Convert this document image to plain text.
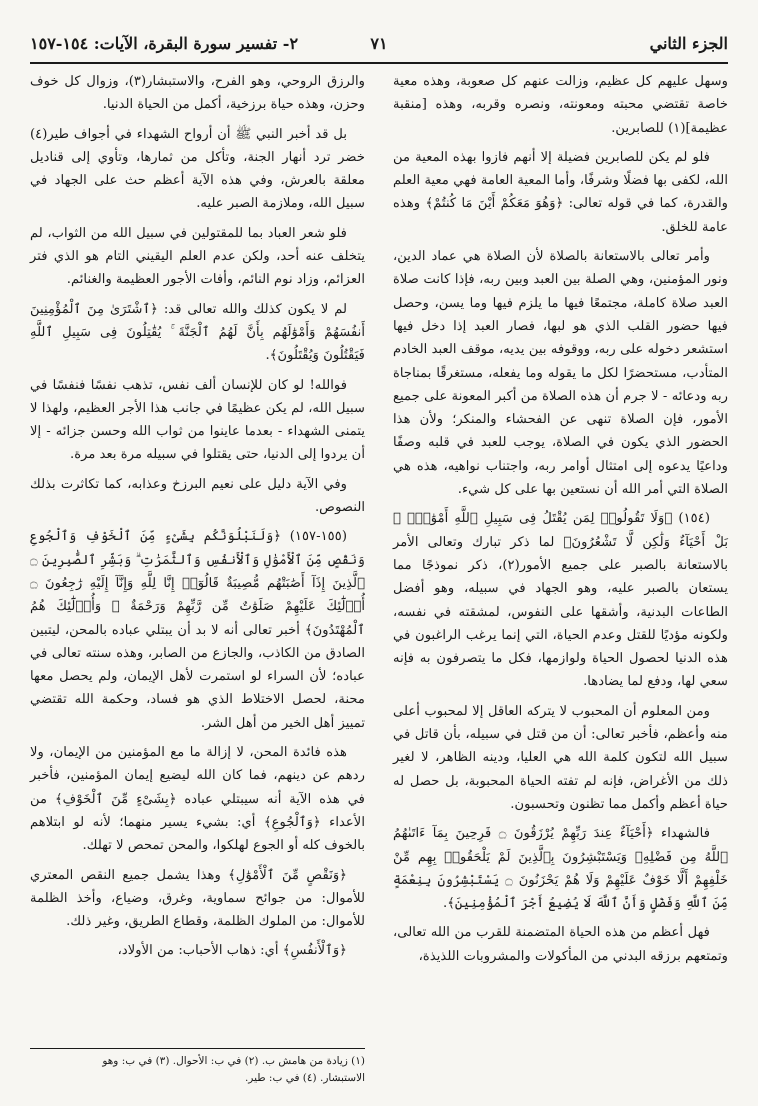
الجزء الثاني
٧١
٢- تفسير سورة البقرة، الآيات: ١٥٤-١٥٧

وسهل عليهم كل عظيم، وزالت عنهم كل صعوبة، وهذه معية خاصة تقتضي محبته ومعونته، ونصره وقربه، وهذه [منقبة عظيمة](١) للصابرين.

فلو لم يكن للصابرين فضيلة إلا أنهم فازوا بهذه المعية من الله، لكفى بها فضلًا وشرفًا، وأما المعية العامة فهي معية العلم والقدرة، كما في قوله تعالى: ﴿وَهُوَ مَعَكُمْ أَيْنَ مَا كُنتُمْ﴾ وهذه عامة للخلق.

وأمر تعالى بالاستعانة بالصلاة لأن الصلاة هي عماد الدين، ونور المؤمنين، وهي الصلة بين العبد وبين ربه، فإذا كانت صلاة العبد صلاة كاملة، مجتمعًا فيها ما يلزم فيها وما يسن، وحصل فيها حضور القلب الذي هو لبها، فصار العبد إذا دخل فيها استشعر دخوله على ربه، ووقوفه بين يديه، موقف العبد الخادم المتأدب، مستحضرًا لكل ما يقوله وما يفعله، مستغرقًا بمناجاة ربه ودعائه - لا جرم أن هذه الصلاة من أكبر المعونة على جميع الأمور، فإن الصلاة تنهى عن الفحشاء والمنكر؛ ولأن هذا الحضور الذي يكون في الصلاة، يوجب للعبد في قلبه وصفًا وداعيًا يدعوه إلى امتثال أوامر ربه، واجتناب نواهيه، هذه هي الصلاة التي أمر الله أن نستعين بها على كل شيء.

(١٥٤) ﴿وَلَا تَقُولُوا۟ لِمَن يُقْتَلُ فِى سَبِيلِ ٱللَّهِ أَمْوَٰتٌۢ ۚ بَلْ أَحْيَآءٌ وَلَٰكِن لَّا تَشْعُرُونَ﴾ لما ذكر تبارك وتعالى الأمر بالاستعانة بالصبر على جميع الأمور(٢)، ذكر نموذجًا مما يستعان بالصبر عليه، وهو الجهاد في سبيله، وهو أفضل الطاعات البدنية، وأشقها على النفوس، لمشقته في نفسه، ولكونه مؤديًا للقتل وعدم الحياة، التي إنما يرغب الراغبون في هذه الدنيا لحصول الحياة ولوازمها، فكل ما يتصرفون به فإنه سعي لها، ودفع لما يضادها.

ومن المعلوم أن المحبوب لا يتركه العاقل إلا لمحبوب أعلى منه وأعظم، فأخبر تعالى: أن من قتل في سبيله، بأن قاتل في سبيل الله لتكون كلمة الله هي العليا، ودينه الظاهر، لا لغير ذلك من الأغراض، فإنه لم تفته الحياة المحبوبة، بل حصل له حياة أعظم وأكمل مما تظنون وتحسبون.

فالشهداء ﴿أَحْيَآءٌ عِندَ رَبِّهِمْ يُرْزَقُونَ ۝ فَرِحِينَ بِمَآ ءَاتَىٰهُمُ ٱللَّهُ مِن فَضْلِهِۦ وَيَسْتَبْشِرُونَ بِٱلَّذِينَ لَمْ يَلْحَقُوا۟ بِهِم مِّنْ خَلْفِهِمْ أَلَّا خَوْفٌ عَلَيْهِمْ وَلَا هُمْ يَحْزَنُونَ ۝ يَسْتَبْشِرُونَ بِنِعْمَةٍ مِّنَ ٱللَّهِ وَفَضْلٍ وَأَنَّ ٱللَّهَ لَا يُضِيعُ أَجْرَ ٱلْمُؤْمِنِينَ﴾.

فهل أعظم من هذه الحياة المتضمنة للقرب من الله تعالى، وتمتعهم برزقه البدني من المأكولات والمشروبات اللذيذة،

والرزق الروحي، وهو الفرح، والاستبشار(٣)، وزوال كل خوف وحزن، وهذه حياة برزخية، أكمل من الحياة الدنيا.

بل قد أخبر النبي ﷺ أن أرواح الشهداء في أجواف طير(٤) خضر ترد أنهار الجنة، وتأكل من ثمارها، وتأوي إلى قناديل معلقة بالعرش، وفي هذه الآية أعظم حث على الجهاد في سبيل الله، وملازمة الصبر عليه.

فلو شعر العباد بما للمقتولين في سبيل الله من الثواب، لم يتخلف عنه أحد، ولكن عدم العلم اليقيني التام هو الذي فتر العزائم، وزاد نوم النائم، وأفات الأجور العظيمة والغنائم.

لم لا يكون كذلك والله تعالى قد: ﴿ٱشْتَرَىٰ مِنَ ٱلْمُؤْمِنِينَ أَنفُسَهُمْ وَأَمْوَٰلَهُم بِأَنَّ لَهُمُ ٱلْجَنَّةَ ۚ يُقَٰتِلُونَ فِى سَبِيلِ ٱللَّهِ فَيَقْتُلُونَ وَيُقْتَلُونَ﴾.

فوالله! لو كان للإنسان ألف نفس، تذهب نفسًا فنفسًا في سبيل الله، لم يكن عظيمًا في جانب هذا الأجر العظيم، ولهذا لا يتمنى الشهداء - بعدما عاينوا من ثواب الله وحسن جزائه - إلا أن يردوا إلى الدنيا، حتى يقتلوا في سبيله مرة بعد مرة.

وفي الآية دليل على نعيم البرزخ وعذابه، كما تكاثرت بذلك النصوص.

(١٥٥-١٥٧) ﴿وَلَنَبْلُوَنَّكُم بِشَىْءٍ مِّنَ ٱلْخَوْفِ وَٱلْجُوعِ وَنَقْصٍ مِّنَ ٱلْأَمْوَٰلِ وَٱلْأَنفُسِ وَٱلثَّمَرَٰتِ ۗ وَبَشِّرِ ٱلصَّٰبِرِينَ ۝ ٱلَّذِينَ إِذَآ أَصَٰبَتْهُم مُّصِيبَةٌ قَالُوٓا۟ إِنَّا لِلَّهِ وَإِنَّآ إِلَيْهِ رَٰجِعُونَ ۝ أُو۟لَٰٓئِكَ عَلَيْهِمْ صَلَوَٰتٌ مِّن رَّبِّهِمْ وَرَحْمَةٌ ۖ وَأُو۟لَٰٓئِكَ هُمُ ٱلْمُهْتَدُونَ﴾ أخبر تعالى أنه لا بد أن يبتلي عباده بالمحن، ليتبين الصادق من الكاذب، والجازع من الصابر، وهذه سنته تعالى في عباده؛ لأن السراء لو استمرت لأهل الإيمان، ولم يحصل معها محنة، لحصل الاختلاط الذي هو فساد، وحكمة الله تقتضي تمييز أهل الخير من أهل الشر.

هذه فائدة المحن، لا إزالة ما مع المؤمنين من الإيمان، ولا ردهم عن دينهم، فما كان الله ليضيع إيمان المؤمنين، فأخبر في هذه الآية أنه سيبتلي عباده ﴿بِشَىْءٍ مِّنَ ٱلْخَوْفِ﴾ من الأعداء ﴿وَٱلْجُوعِ﴾ أي: بشيء يسير منهما؛ لأنه لو ابتلاهم بالخوف كله أو الجوع لهلكوا، والمحن تمحص لا تهلك.

﴿وَنَقْصٍ مِّنَ ٱلْأَمْوَٰلِ﴾ وهذا يشمل جميع النقص المعتري للأموال: من جوائح سماوية، وغرق، وضياع، وأخذ الظلمة للأموال: من الملوك الظلمة، وقطاع الطريق، وغير ذلك.

﴿وَٱلْأَنفُسِ﴾ أي: ذهاب الأحباب: من الأولاد،

(١) زيادة من هامش ب. (٢) في ب: الأحوال. (٣) في ب: وهو
الاستبشار. (٤) في ب: طير.
